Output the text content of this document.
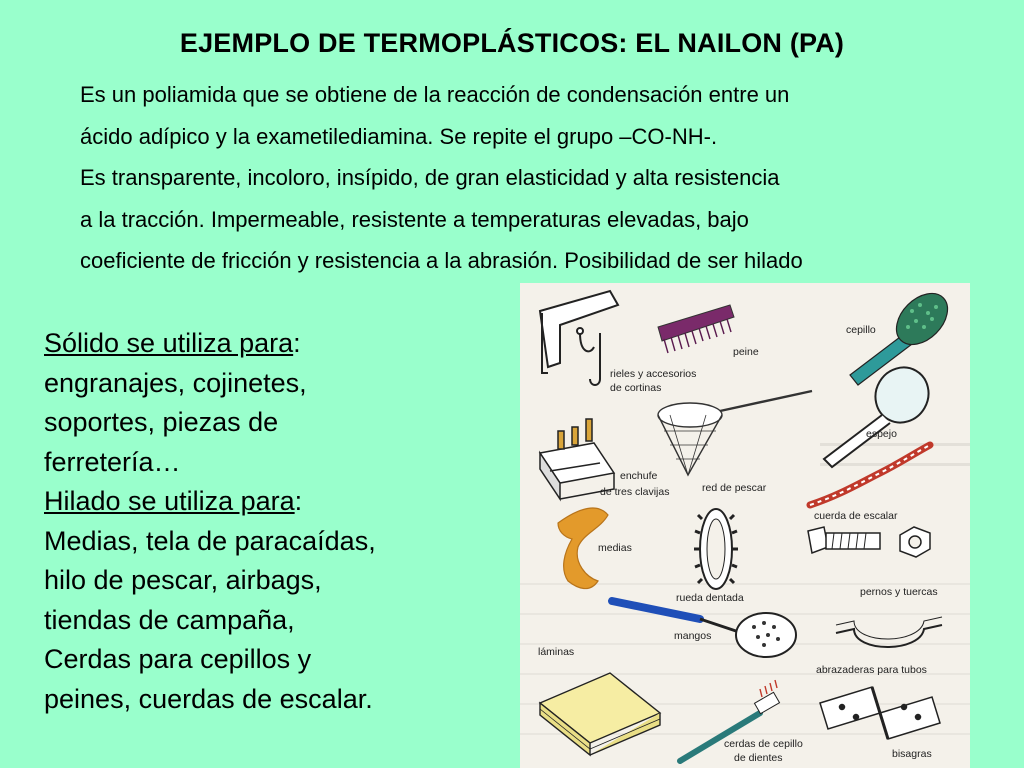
EJEMPLO DE TERMOPLÁSTICOS: EL NAILON (PA)
Es un poliamida que se obtiene de la reacción de condensación entre un
ácido adípico y la exametilediamina. Se repite el grupo –CO-NH-.
Es transparente, incoloro, insípido, de gran elasticidad y alta resistencia
a la tracción. Impermeable, resistente a temperaturas elevadas, bajo
coeficiente de fricción y resistencia a la abrasión. Posibilidad de ser hilado
Sólido se utiliza para:
engranajes, cojinetes,
soportes, piezas de
ferretería…
Hilado se utiliza para:
Medias, tela de paracaídas,
hilo de pescar, airbags,
tiendas de campaña,
Cerdas para cepillos y
peines, cuerdas de escalar.
peine
cepillo
rieles y accesorios
de cortinas
espejo
enchufe
de tres clavijas	red de pescar
cuerda de escalar
medias
rueda dentada	pernos y tuercas
mangos
láminas
abrazaderas para tubos
cerdas de cepillo
de dientes	bisagras
